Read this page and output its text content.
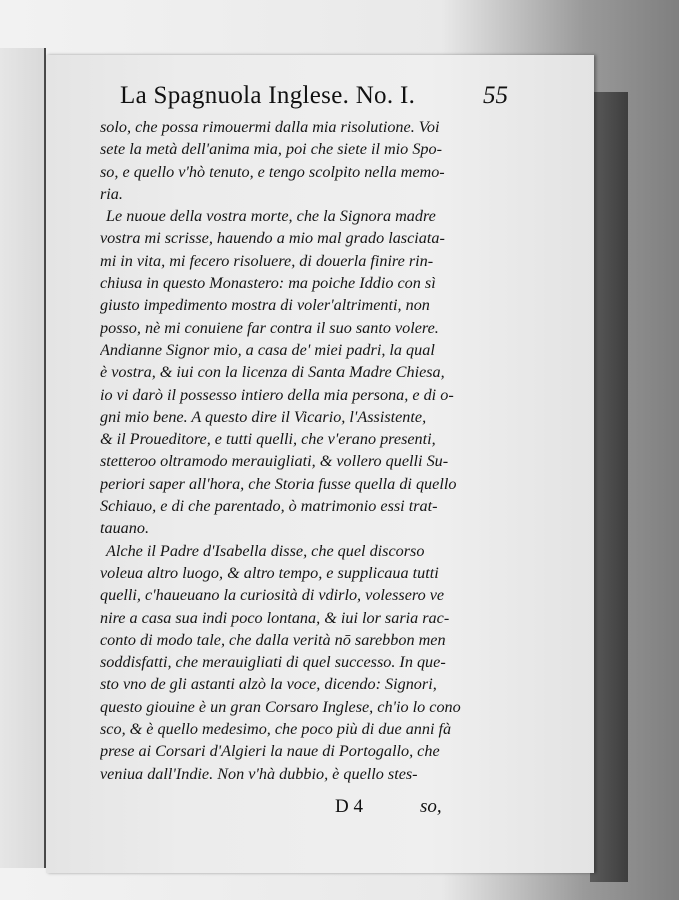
La Spagnuola Inglese. No. I.	55
solo, che possa rimouermi dalla mia risolutione. Voi
sete la metà dell'anima mia, poi che siete il mio Spo-
so, e quello v'hò tenuto, e tengo scolpito nella memo-
ria.
Le nuoue della vostra morte, che la Signora madre
vostra mi scrisse, hauendo a mio mal grado lasciata-
mi in vita, mi fecero risoluere, di douerla finire rin-
chiusa in questo Monastero: ma poiche Iddio con sì
giusto impedimento mostra di voler'altrimenti, non
posso, nè mi conuiene far contra il suo santo volere.
Andianne Signor mio, a casa de' miei padri, la qual
è vostra, & iui con la licenza di Santa Madre Chiesa,
io vi darò il possesso intiero della mia persona, e di o-
gni mio bene. A questo dire il Vicario, l'Assistente,
& il Proueditore, e tutti quelli, che v'erano presenti,
stetteroo oltramodo merauigliati, & vollero quelli Su-
periori saper all'hora, che Storia fusse quella di quello
Schiauo, e di che parentado, ò matrimonio essi trat-
tauano.
Alche il Padre d'Isabella disse, che quel discorso
voleua altro luogo, & altro tempo, e supplicaua tutti
quelli, c'haueuano la curiosità di vdirlo, volessero ve
nire a casa sua indi poco lontana, & iui lor saria rac-
conto di modo tale, che dalla verità nō sarebbon men
soddisfatti, che merauigliati di quel successo. In que-
sto vno de gli astanti alzò la voce, dicendo: Signori,
questo giouine è un gran Corsaro Inglese, ch'io lo cono
sco, & è quello medesimo, che poco più di due anni fà
prese ai Corsari d'Algieri la naue di Portogallo, che
veniua dall'Indie. Non v'hà dubbio, è quello stes-
D 4	so,
